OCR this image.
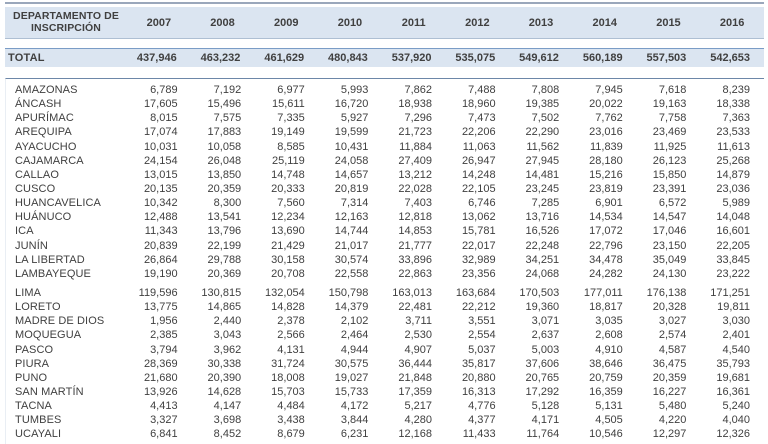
DEPARTAMENTO DE INSCRIPCIÓN	2007	2008	2009	2010	2011	2012	2013	2014	2015	2016
TOTAL	437,946	463,232	461,629	480,843	537,920	535,075	549,612	560,189	557,503	542,653
AMAZONAS	6,789	7,192	6,977	5,993	7,862	7,488	7,808	7,945	7,618	8,239
ÁNCASH	17,605	15,496	15,611	16,720	18,938	18,960	19,385	20,022	19,163	18,338
APURÍMAC	8,015	7,575	7,335	5,927	7,296	7,473	7,502	7,762	7,758	7,363
AREQUIPA	17,074	17,883	19,149	19,599	21,723	22,206	22,290	23,016	23,469	23,533
AYACUCHO	10,031	10,058	8,585	10,431	11,884	11,063	11,562	11,839	11,925	11,613
CAJAMARCA	24,154	26,048	25,119	24,058	27,409	26,947	27,945	28,180	26,123	25,268
CALLAO	13,015	13,850	14,748	14,657	13,212	14,248	14,481	15,216	15,850	14,879
CUSCO	20,135	20,359	20,333	20,819	22,028	22,105	23,245	23,819	23,391	23,036
HUANCAVELICA	10,342	8,300	7,560	7,314	7,403	6,746	7,285	6,901	6,572	5,989
HUÁNUCO	12,488	13,541	12,234	12,163	12,818	13,062	13,716	14,534	14,547	14,048
ICA	11,343	13,796	13,690	14,744	14,853	15,781	16,526	17,072	17,046	16,601
JUNÍN	20,839	22,199	21,429	21,017	21,777	22,017	22,248	22,796	23,150	22,205
LA LIBERTAD	26,864	29,788	30,158	30,574	33,896	32,989	34,251	34,478	35,049	33,845
LAMBAYEQUE	19,190	20,369	20,708	22,558	22,863	23,356	24,068	24,282	24,130	23,222
LIMA	119,596	130,815	132,054	150,798	163,013	163,684	170,503	177,011	176,138	171,251
LORETO	13,775	14,865	14,828	14,379	22,481	22,212	19,360	18,817	20,328	19,811
MADRE DE DIOS	1,956	2,440	2,378	2,102	3,711	3,551	3,071	3,035	3,027	3,030
MOQUEGUA	2,385	3,043	2,566	2,464	2,530	2,554	2,637	2,608	2,574	2,401
PASCO	3,794	3,962	4,131	4,944	4,907	5,037	5,003	4,910	4,587	4,540
PIURA	28,369	30,338	31,724	30,575	36,444	35,817	37,606	38,646	36,475	35,793
PUNO	21,680	20,390	18,008	19,027	21,848	20,880	20,765	20,759	20,359	19,681
SAN MARTÍN	13,926	14,628	15,703	15,733	17,359	16,313	17,292	16,359	16,227	16,361
TACNA	4,413	4,147	4,484	4,172	5,217	4,776	5,128	5,131	5,480	5,240
TUMBES	3,327	3,698	3,438	3,844	4,280	4,377	4,171	4,505	4,220	4,040
UCAYALI	6,841	8,452	8,679	6,231	12,168	11,433	11,764	10,546	12,297	12,326
